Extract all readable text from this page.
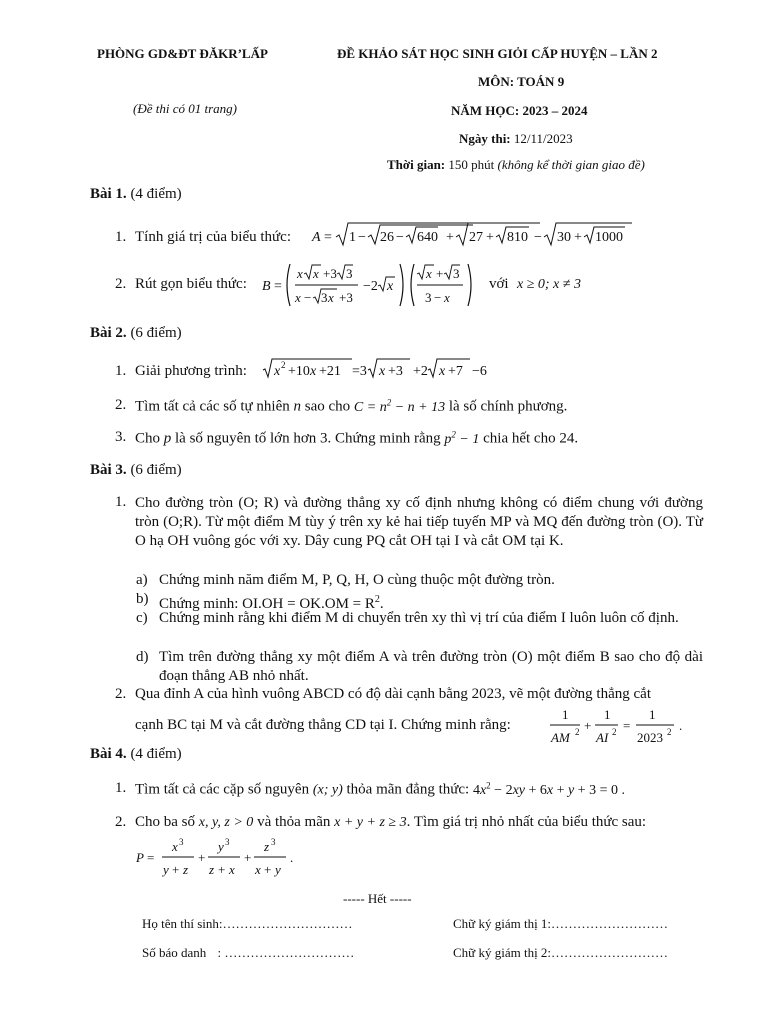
PHÒNG GD&ĐT ĐĂKR’LẤP	ĐỀ KHẢO SÁT HỌC SINH GIỎI CẤP HUYỆN – LẦN 2
MÔN: TOÁN 9
(Đề thi có 01 trang)	NĂM HỌC: 2023 – 2024
Ngày thi: 12/11/2023
Thời gian: 150 phút (không kể thời gian giao đề)
Bài 1. (4 điểm)
1. Tính giá trị của biểu thức: A = 1 − 26 − 640 + 27 + 810 − 30 + 1000
2. Rút gọn biểu thức: B =
x x +3 3
x − 3 x +3
−2 x
x + 3
3 − x
với x ≥ 0; x ≠ 3
Bài 2. (6 điểm)
1. Giải phương trình: x 2 +10 x +21 =3 x +3 +2 x +7 −6
2. Tìm tất cả các số tự nhiên n sao cho $C = n^2 - n + 13$ là số chính phương.
3. Cho p là số nguyên tố lớn hơn 3. Chứng minh rằng $p^2 - 1$ chia hết cho 24.
Bài 3. (6 điểm)
1. Cho đường tròn (O; R) và đường thẳng xy cố định nhưng không có điểm chung với đường tròn (O;R). Từ một điểm M tùy ý trên xy kẻ hai tiếp tuyến MP và MQ đến đường tròn (O). Từ O hạ OH vuông góc với xy. Dây cung PQ cắt OH tại I và cắt OM tại K.
a) Chứng minh năm điểm M, P, Q, H, O cùng thuộc một đường tròn.
b) Chứng minh: $OI.OH = OK.OM = R^2$.
c) Chứng minh rằng khi điểm M di chuyển trên xy thì vị trí của điểm I luôn luôn cố định.
d) Tìm trên đường thẳng xy một điểm A và trên đường tròn (O) một điểm B sao cho độ dài đoạn thẳng AB nhỏ nhất.
2. Qua đỉnh A của hình vuông ABCD có độ dài cạnh bằng 2023, vẽ một đường thẳng cắt
cạnh BC tại M và cắt đường thẳng CD tại I. Chứng minh rằng:
1
AM 2 +
1
AI 2 =
1
2023 2 .
Bài 4. (4 điểm)
1. Tìm tất cả các cặp số nguyên (x; y) thỏa mãn đẳng thức: $4x^2 - 2xy + 6x + y + 3 = 0$ .
2. Cho ba số x, y, z > 0 và thỏa mãn x + y + z ≥ 3. Tìm giá trị nhỏ nhất của biểu thức sau:
P =
x 3
y + z
+
y 3
z + x
+
z 3
x + y
.
----- Hết -----
Họ tên thí sinh:…………………………	Chữ ký giám thị 1:………………………
Số báo danh : …………………………	Chữ ký giám thị 2:………………………
